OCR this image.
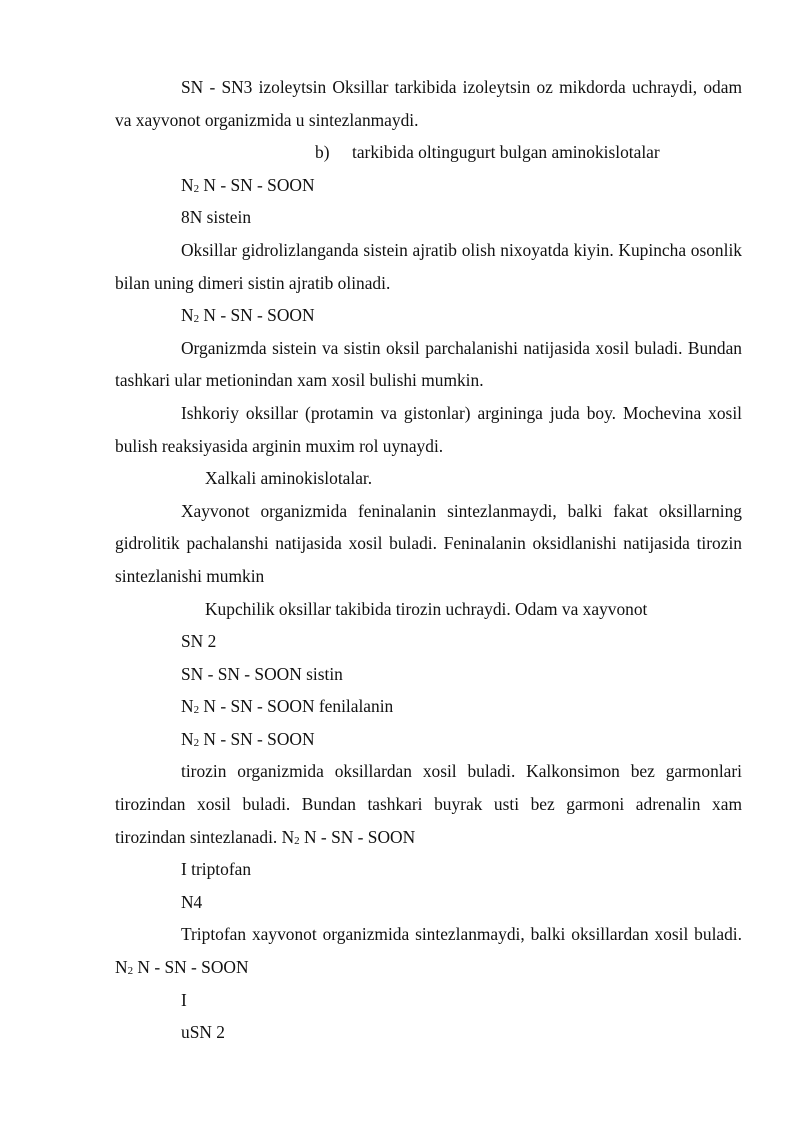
SN - SN3 izoleytsin Oksillar tarkibida izoleytsin oz mikdorda uchraydi, odam va xayvonot organizmida u sintezlanmaydi.

b) tarkibida oltingugurt bulgan aminokislotalar
$N_2$ N - SN - SOON
8N sistein

Oksillar gidrolizlanganda sistein ajratib olish nixoyatda kiyin. Kupincha osonlik bilan uning dimeri sistin ajratib olinadi.

$N_2$ N - SN - SOON

Organizmda sistein va sistin oksil parchalanishi natijasida xosil buladi. Bundan tashkari ular metionindan xam xosil bulishi mumkin.

Ishkoriy oksillar (protamin va gistonlar) argininga juda boy. Mochevina xosil bulish reaksiyasida arginin muxim rol uynaydi.

Xalkali aminokislotalar.

Xayvonot organizmida feninalanin sintezlanmaydi, balki fakat oksillarning gidrolitik pachalanshi natijasida xosil buladi. Feninalanin oksidlanishi natijasida tirozin sintezlanishi mumkin

Kupchilik oksillar takibida tirozin uchraydi. Odam va xayvonot
SN 2
SN - SN - SOON sistin
$N_2$ N - SN - SOON fenilalanin
$N_2$ N - SN - SOON

tirozin organizmida oksillardan xosil buladi. Kalkonsimon bez garmonlari tirozindan xosil buladi. Bundan tashkari buyrak usti bez garmoni adrenalin xam tirozindan sintezlanadi. $N_2$ N - SN - SOON

I triptofan
N4

Triptofan xayvonot organizmida sintezlanmaydi, balki oksillardan xosil buladi. $N_2$ N - SN - SOON

I
uSN 2
